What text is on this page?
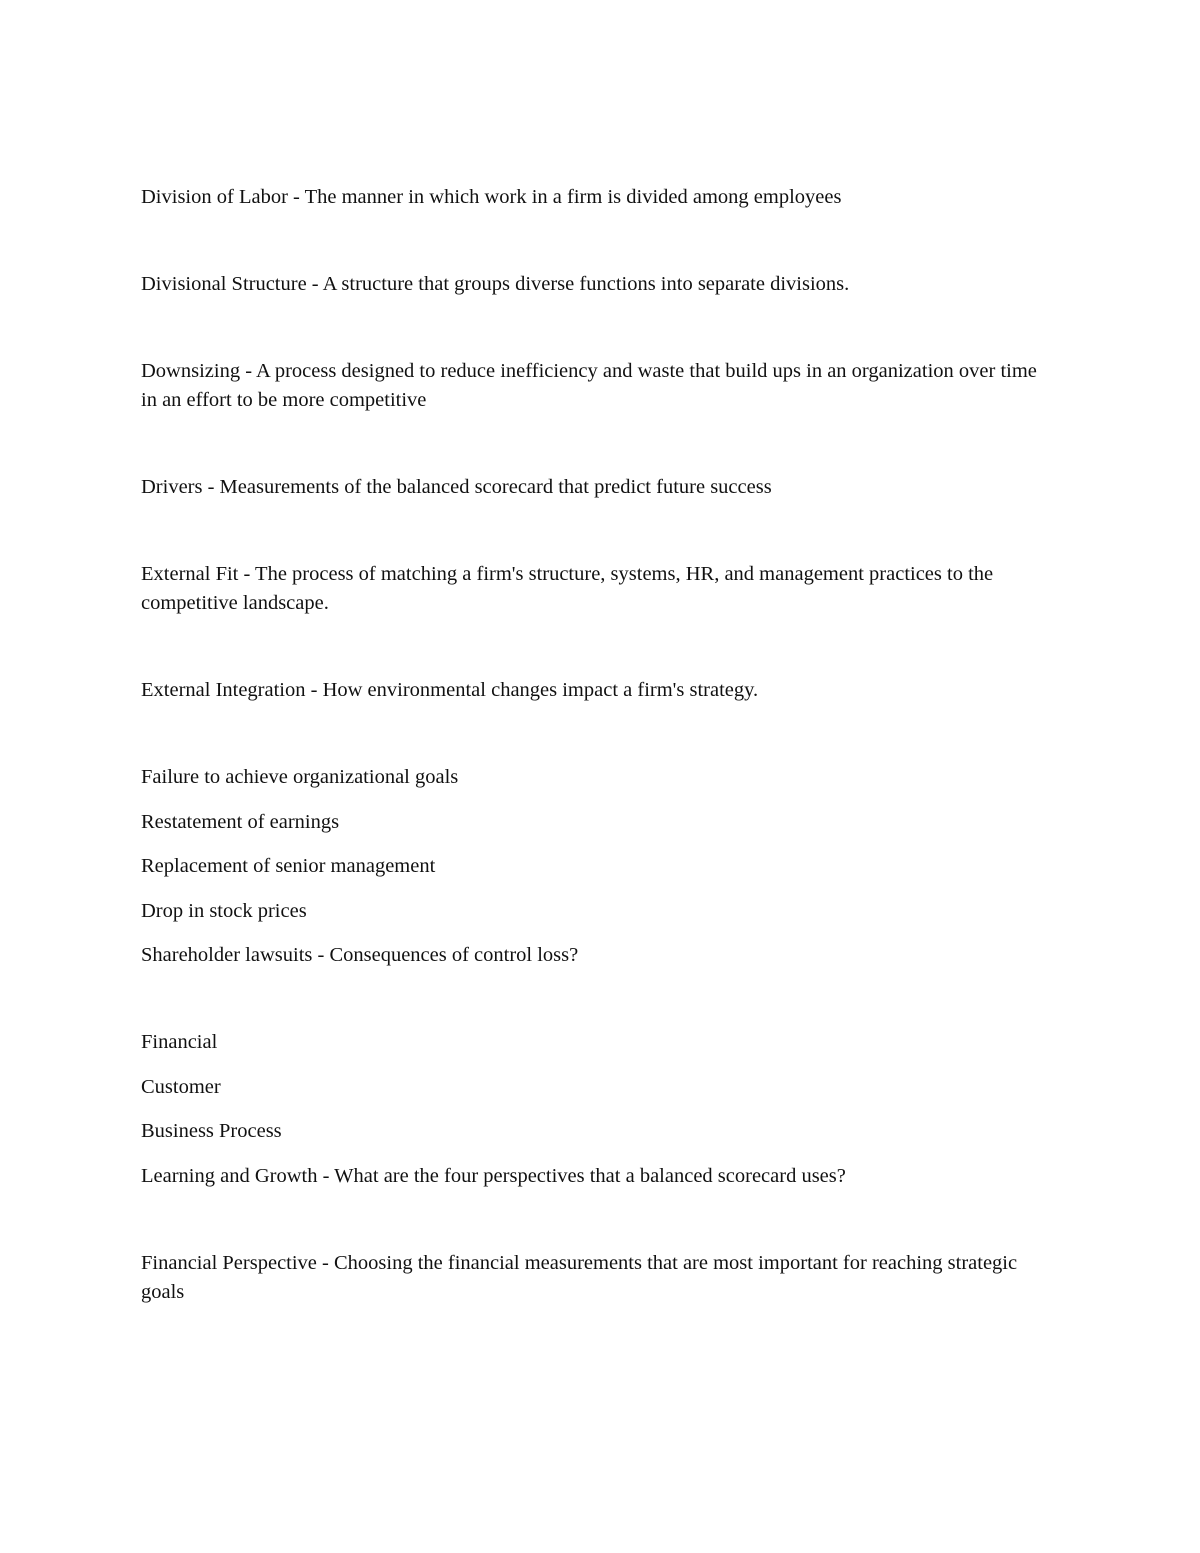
Division of Labor - The manner in which work in a firm is divided among employees

Divisional Structure - A structure that groups diverse functions into separate divisions.

Downsizing - A process designed to reduce inefficiency and waste that build ups in an organization over time in an effort to be more competitive

Drivers - Measurements of the balanced scorecard that predict future success

External Fit - The process of matching a firm's structure, systems, HR, and management practices to the competitive landscape.

External Integration - How environmental changes impact a firm's strategy.

Failure to achieve organizational goals

Restatement of earnings

Replacement of senior management

Drop in stock prices

Shareholder lawsuits - Consequences of control loss?

Financial

Customer

Business Process

Learning and Growth - What are the four perspectives that a balanced scorecard uses?

Financial Perspective - Choosing the financial measurements that are most important for reaching strategic goals
